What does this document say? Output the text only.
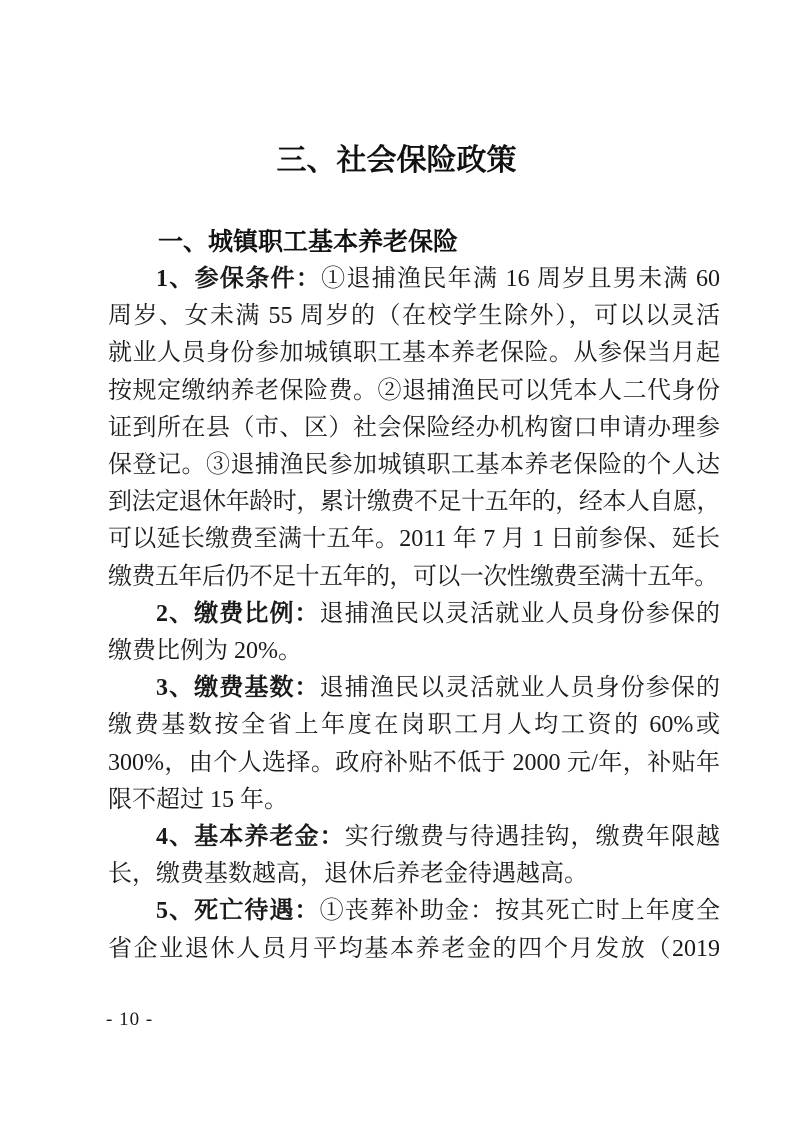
三、社会保险政策
一、城镇职工基本养老保险
1、参保条件：①退捕渔民年满 16 周岁且男未满 60
周岁、女未满 55 周岁的（在校学生除外），可以以灵活
就业人员身份参加城镇职工基本养老保险。从参保当月起
按规定缴纳养老保险费。②退捕渔民可以凭本人二代身份
证到所在县（市、区）社会保险经办机构窗口申请办理参
保登记。③退捕渔民参加城镇职工基本养老保险的个人达
到法定退休年龄时，累计缴费不足十五年的，经本人自愿，
可以延长缴费至满十五年。2011 年 7 月 1 日前参保、延长
缴费五年后仍不足十五年的，可以一次性缴费至满十五年。
2、缴费比例：退捕渔民以灵活就业人员身份参保的
缴费比例为 20%。
3、缴费基数：退捕渔民以灵活就业人员身份参保的
缴费基数按全省上年度在岗职工月人均工资的 60%或
300%，由个人选择。政府补贴不低于 2000 元/年，补贴年
限不超过 15 年。
4、基本养老金：实行缴费与待遇挂钩，缴费年限越
长，缴费基数越高，退休后养老金待遇越高。
5、死亡待遇：①丧葬补助金：按其死亡时上年度全
省企业退休人员月平均基本养老金的四个月发放（2019
- 10 -
